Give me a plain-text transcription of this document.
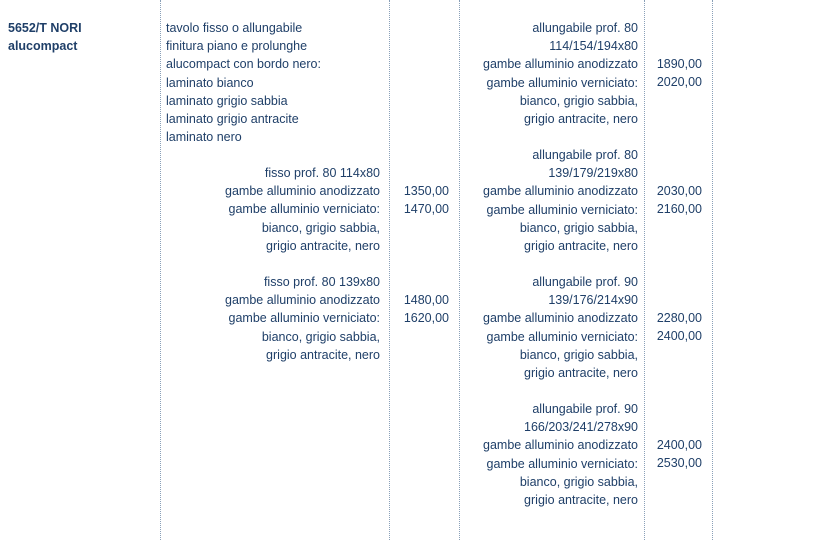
5652/T NORI
alucompact
tavolo fisso o allungabile
finitura piano e prolunghe
alucompact con bordo nero:
laminato bianco
laminato grigio sabbia
laminato grigio antracite
laminato nero
fisso prof. 80 114x80
gambe alluminio anodizzato
gambe alluminio verniciato:
bianco, grigio sabbia,
grigio antracite, nero
1350,00
1470,00
fisso prof. 80 139x80
gambe alluminio anodizzato
gambe alluminio verniciato:
bianco, grigio sabbia,
grigio antracite, nero
1480,00
1620,00
allungabile prof. 80
114/154/194x80
gambe alluminio anodizzato
gambe alluminio verniciato:
bianco, grigio sabbia,
grigio antracite, nero
1890,00
2020,00
allungabile prof. 80
139/179/219x80
gambe alluminio anodizzato
gambe alluminio verniciato:
bianco, grigio sabbia,
grigio antracite, nero
2030,00
2160,00
allungabile prof. 90
139/176/214x90
gambe alluminio anodizzato
gambe alluminio verniciato:
bianco, grigio sabbia,
grigio antracite, nero
2280,00
2400,00
allungabile prof. 90
166/203/241/278x90
gambe alluminio anodizzato
gambe alluminio verniciato:
bianco, grigio sabbia,
grigio antracite, nero
2400,00
2530,00
